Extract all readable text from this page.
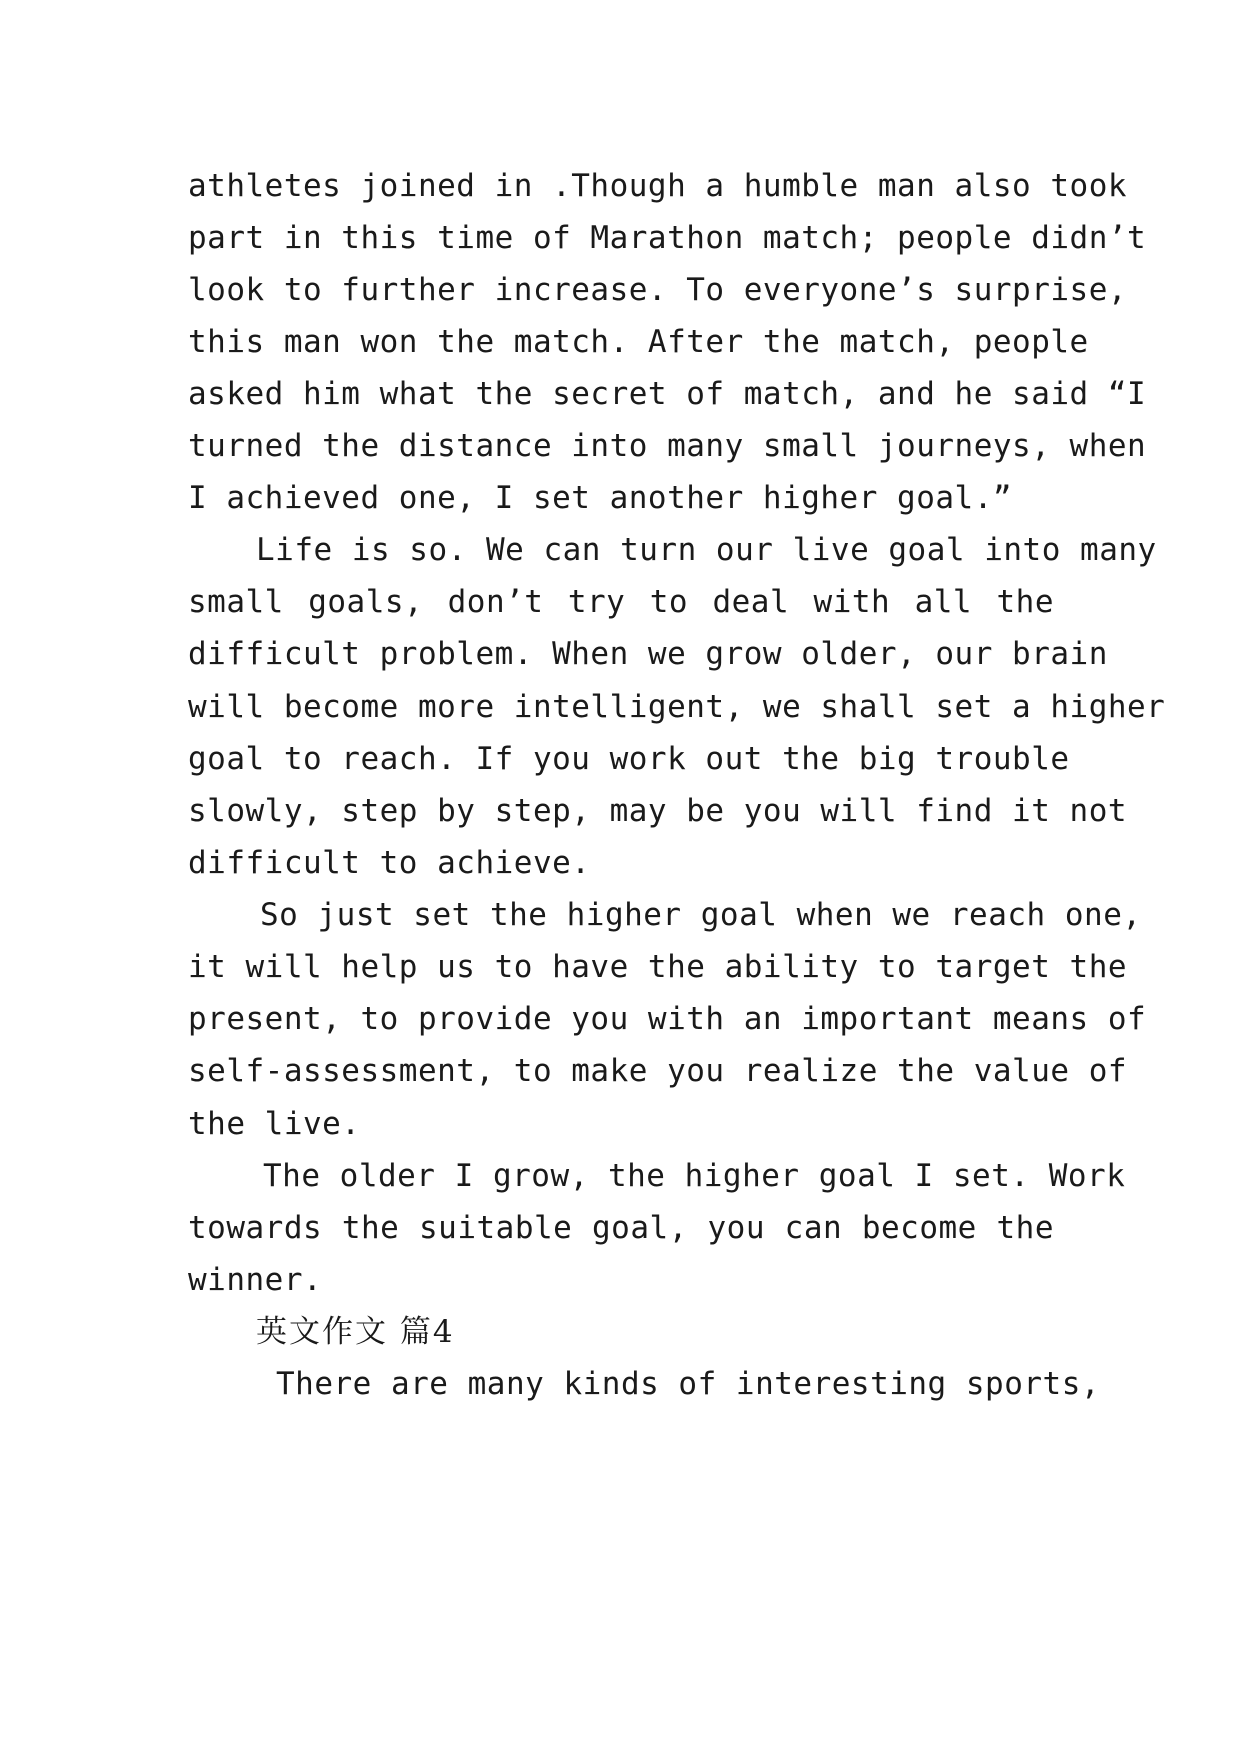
athletes joined in .Though a humble man also took
part in this time of Marathon match; people didn’t
look to further increase. To everyone’s surprise,
this man won the match. After the match, people
asked him what the secret of match, and he said “I
turned the distance into many small journeys, when
I achieved one, I set another higher goal.”
Life is so. We can turn our live goal into many
small goals, don’t try to deal with all the
difficult problem. When we grow older, our brain
will become more intelligent, we shall set a higher
goal to reach. If you work out the big trouble
slowly, step by step, may be you will find it not
difficult to achieve.
So just set the higher goal when we reach one,
it will help us to have the ability to target the
present, to provide you with an important means of
self-assessment, to make you realize the value of
the live.
The older I grow, the higher goal I set. Work
towards the suitable goal, you can become the
winner.
英文作文 篇4
There are many kinds of interesting sports,
